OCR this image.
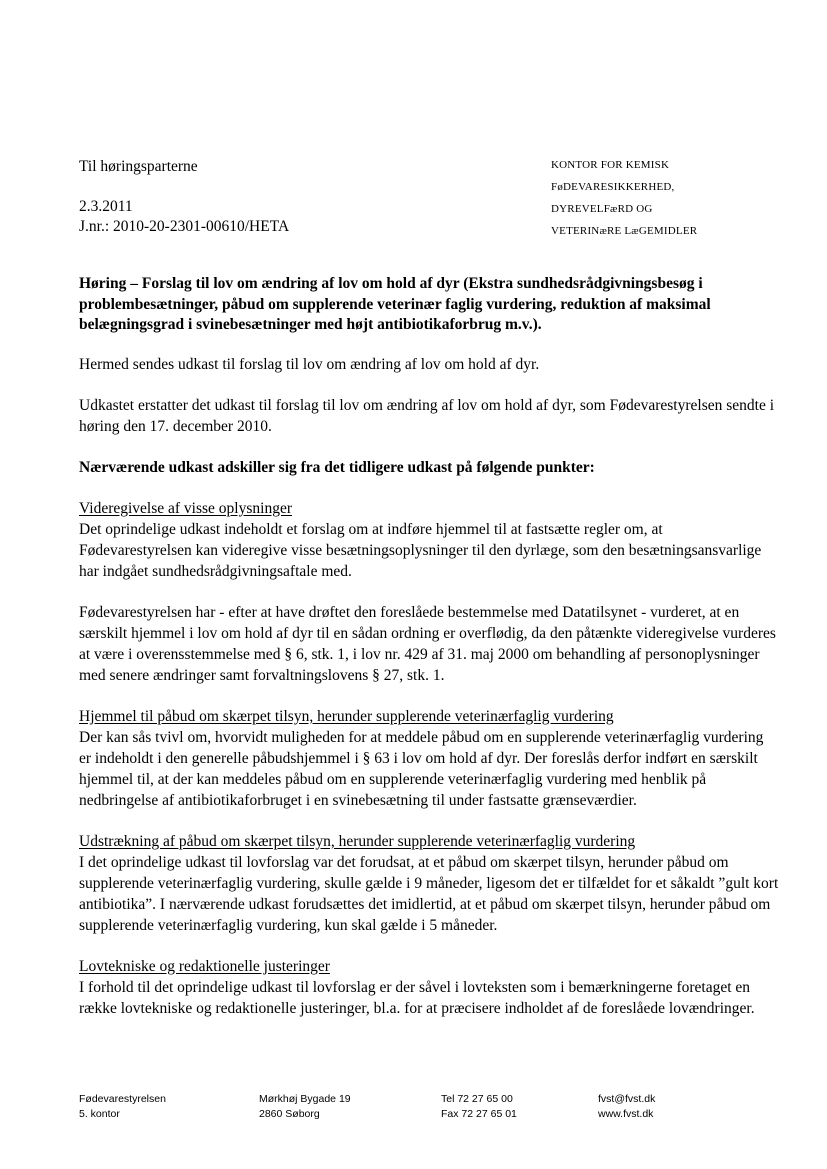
Til høringsparterne
2.3.2011
J.nr.: 2010-20-2301-00610/HETA
KONTOR FOR KEMISK
FøDEVARESIKKERHED,
DYREVELFæRD OG
VETERINæRE LæGEMIDLER

Høring – Forslag til lov om ændring af lov om hold af dyr (Ekstra sundhedsrådgivningsbesøg i problembesætninger, påbud om supplerende veterinær faglig vurdering, reduktion af maksimal belægningsgrad i svinebesætninger med højt antibiotikaforbrug m.v.).

Hermed sendes udkast til forslag til lov om ændring af lov om hold af dyr.

Udkastet erstatter det udkast til forslag til lov om ændring af lov om hold af dyr, som Fødevarestyrelsen sendte i høring den 17. december 2010.

Nærværende udkast adskiller sig fra det tidligere udkast på følgende punkter:

Videregivelse af visse oplysninger

Det oprindelige udkast indeholdt et forslag om at indføre hjemmel til at fastsætte regler om, at Fødevarestyrelsen kan videregive visse besætningsoplysninger til den dyrlæge, som den besætningsansvarlige har indgået sundhedsrådgivningsaftale med.

Fødevarestyrelsen har - efter at have drøftet den foreslåede bestemmelse med Datatilsynet - vurderet, at en særskilt hjemmel i lov om hold af dyr til en sådan ordning er overflødig, da den påtænkte videregivelse vurderes at være i overensstemmelse med § 6, stk. 1, i lov nr. 429 af 31. maj 2000 om behandling af personoplysninger med senere ændringer samt forvaltningslovens § 27, stk. 1.

Hjemmel til påbud om skærpet tilsyn, herunder supplerende veterinærfaglig vurdering

Der kan sås tvivl om, hvorvidt muligheden for at meddele påbud om en supplerende veterinærfaglig vurdering er indeholdt i den generelle påbudshjemmel i § 63 i lov om hold af dyr. Der foreslås derfor indført en særskilt hjemmel til, at der kan meddeles påbud om en supplerende veterinærfaglig vurdering med henblik på nedbringelse af antibiotikaforbruget i en svinebesætning til under fastsatte grænseværdier.

Udstrækning af påbud om skærpet tilsyn, herunder supplerende veterinærfaglig vurdering

I det oprindelige udkast til lovforslag var det forudsat, at et påbud om skærpet tilsyn, herunder påbud om supplerende veterinærfaglig vurdering, skulle gælde i 9 måneder, ligesom det er tilfældet for et såkaldt ”gult kort antibiotika”. I nærværende udkast forudsættes det imidlertid, at et påbud om skærpet tilsyn, herunder påbud om supplerende veterinærfaglig vurdering, kun skal gælde i 5 måneder.

Lovtekniske og redaktionelle justeringer

I forhold til det oprindelige udkast til lovforslag er der såvel i lovteksten som i bemærkningerne foretaget en række lovtekniske og redaktionelle justeringer, bl.a. for at præcisere indholdet af de foreslåede lovændringer.

Fødevarestyrelsen
5. kontor
Mørkhøj Bygade 19
2860 Søborg
Tel 72 27 65 00
Fax 72 27 65 01
fvst@fvst.dk
www.fvst.dk
